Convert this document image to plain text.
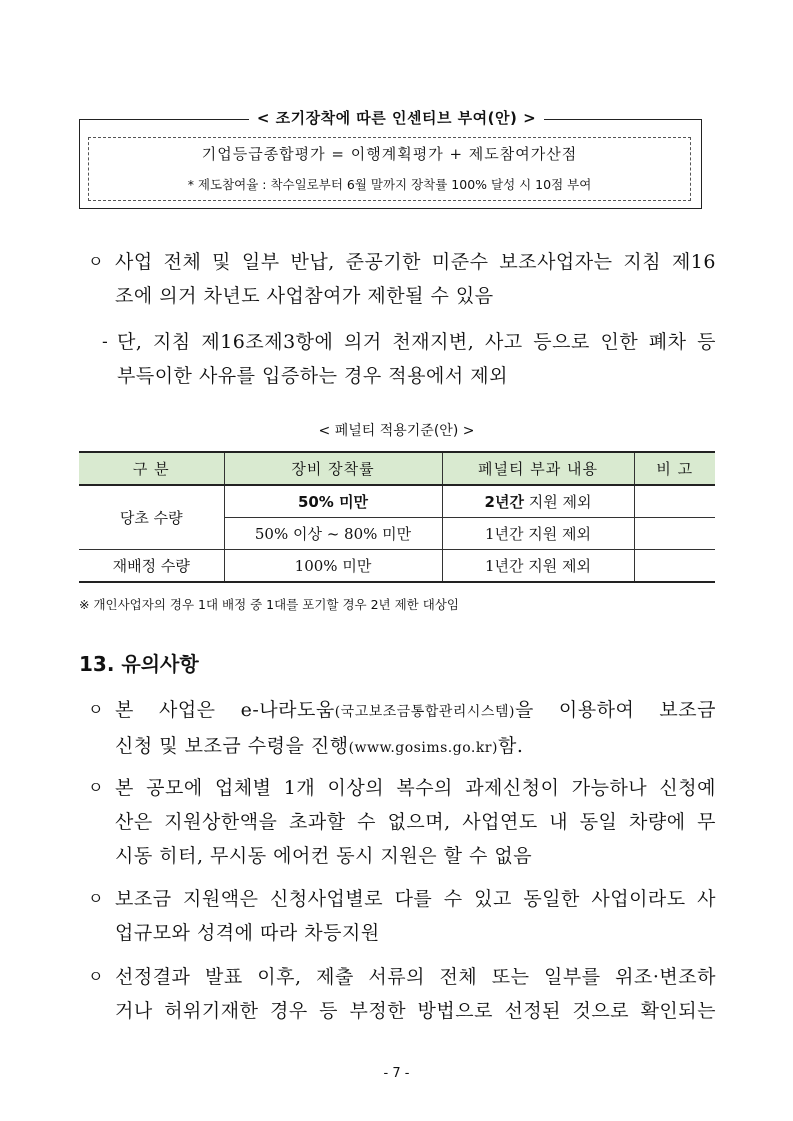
< 조기장착에 따른 인센티브 부여(안) >
기업등급종합평가 = 이행계획평가 + 제도참여가산점
* 제도참여율 : 착수일로부터 6월 말까지 장착률 100% 달성 시 10점 부여
ㅇ 사업 전체 및 일부 반납, 준공기한 미준수 보조사업자는 지침 제16
조에 의거 차년도 사업참여가 제한될 수 있음
- 단, 지침 제16조제3항에 의거 천재지변, 사고 등으로 인한 폐차 등
부득이한 사유를 입증하는 경우 적용에서 제외
< 페널티 적용기준(안) >
구 분	장비 장착률	페널티 부과 내용	비 고
당초 수량	50% 미만	2년간 지원 제외	
	50% 이상 ~ 80% 미만	1년간 지원 제외	
재배정 수량	100% 미만	1년간 지원 제외	
※ 개인사업자의 경우 1대 배정 중 1대를 포기할 경우 2년 제한 대상임
13. 유의사항
ㅇ 본 사업은 e-나라도움(국고보조금통합관리시스템)을 이용하여 보조금
신청 및 보조금 수령을 진행(www.gosims.go.kr)함.
ㅇ 본 공모에 업체별 1개 이상의 복수의 과제신청이 가능하나 신청예
산은 지원상한액을 초과할 수 없으며, 사업연도 내 동일 차량에 무
시동 히터, 무시동 에어컨 동시 지원은 할 수 없음
ㅇ 보조금 지원액은 신청사업별로 다를 수 있고 동일한 사업이라도 사
업규모와 성격에 따라 차등지원
ㅇ 선정결과 발표 이후, 제출 서류의 전체 또는 일부를 위조·변조하
거나 허위기재한 경우 등 부정한 방법으로 선정된 것으로 확인되는
- 7 -
